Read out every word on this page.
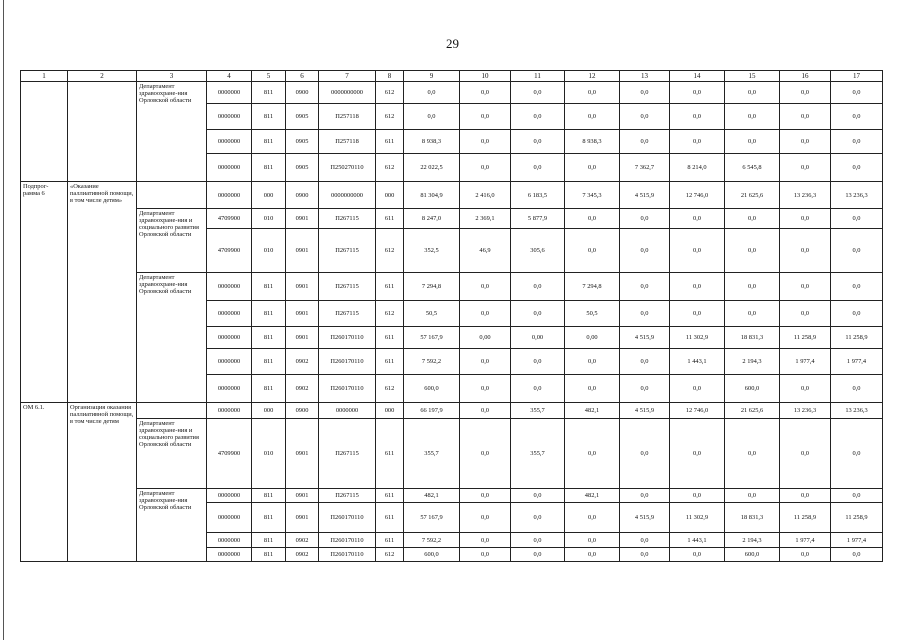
29
1	2	3	4	5	6	7	8	9	10	11	12	13	14	15	16	17
		Департамент здравоохране-ния Орловской области	0000000	811	0900	0000000000	612	0,0	0,0	0,0	0,0	0,0	0,0	0,0	0,0	0,0
			0000000	811	0905	П257118	612	0,0	0,0	0,0	0,0	0,0	0,0	0,0	0,0	0,0
			0000000	811	0905	П257118	611	8 938,3	0,0	0,0	8 938,3	0,0	0,0	0,0	0,0	0,0
			0000000	811	0905	П250270110	612	22 022,5	0,0	0,0	0,0	7 362,7	8 214,0	6 545,8	0,0	0,0
Подпрог-рамма 6	«Оказание паллиативной помощи, в том числе детям»		0000000	000	0900	0000000000	000	81 304,9	2 416,0	6 183,5	7 345,3	4 515,9	12 746,0	21 625,6	13 236,3	13 236,3
		Департамент здравоохране-ния и социального развития Орловской области	4709900	010	0901	П267115	611	8 247,0	2 369,1	5 877,9	0,0	0,0	0,0	0,0	0,0	0,0
			4709900	010	0901	П267115	612	352,5	46,9	305,6	0,0	0,0	0,0	0,0	0,0	0,0
		Департамент здравоохране-ния Орловской области	0000000	811	0901	П267115	611	7 294,8	0,0	0,0	7 294,8	0,0	0,0	0,0	0,0	0,0
			0000000	811	0901	П267115	612	50,5	0,0	0,0	50,5	0,0	0,0	0,0	0,0	0,0
			0000000	811	0901	П260170110	611	57 167,9	0,00	0,00	0,00	4 515,9	11 302,9	18 831,3	11 258,9	11 258,9
			0000000	811	0902	П260170110	611	7 592,2	0,0	0,0	0,0	0,0	1 443,1	2 194,3	1 977,4	1 977,4
			0000000	811	0902	П260170110	612	600,0	0,0	0,0	0,0	0,0	0,0	600,0	0,0	0,0
ОМ 6.1.	Организация оказания паллиативной помощи, в том числе детям		0000000	000	0900	0000000	000	66 197,9	0,0	355,7	482,1	4 515,9	12 746,0	21 625,6	13 236,3	13 236,3
		Департамент здравоохране-ния и социального развития Орловской области	4709900	010	0901	П267115	611	355,7	0,0	355,7	0,0	0,0	0,0	0,0	0,0	0,0
		Департамент здравоохране-ния Орловской области	0000000	811	0901	П267115	611	482,1	0,0	0,0	482,1	0,0	0,0	0,0	0,0	0,0
			0000000	811	0901	П260170110	611	57 167,9	0,0	0,0	0,0	4 515,9	11 302,9	18 831,3	11 258,9	11 258,9
			0000000	811	0902	П260170110	611	7 592,2	0,0	0,0	0,0	0,0	1 443,1	2 194,3	1 977,4	1 977,4
			0000000	811	0902	П260170110	612	600,0	0,0	0,0	0,0	0,0	0,0	600,0	0,0	0,0
